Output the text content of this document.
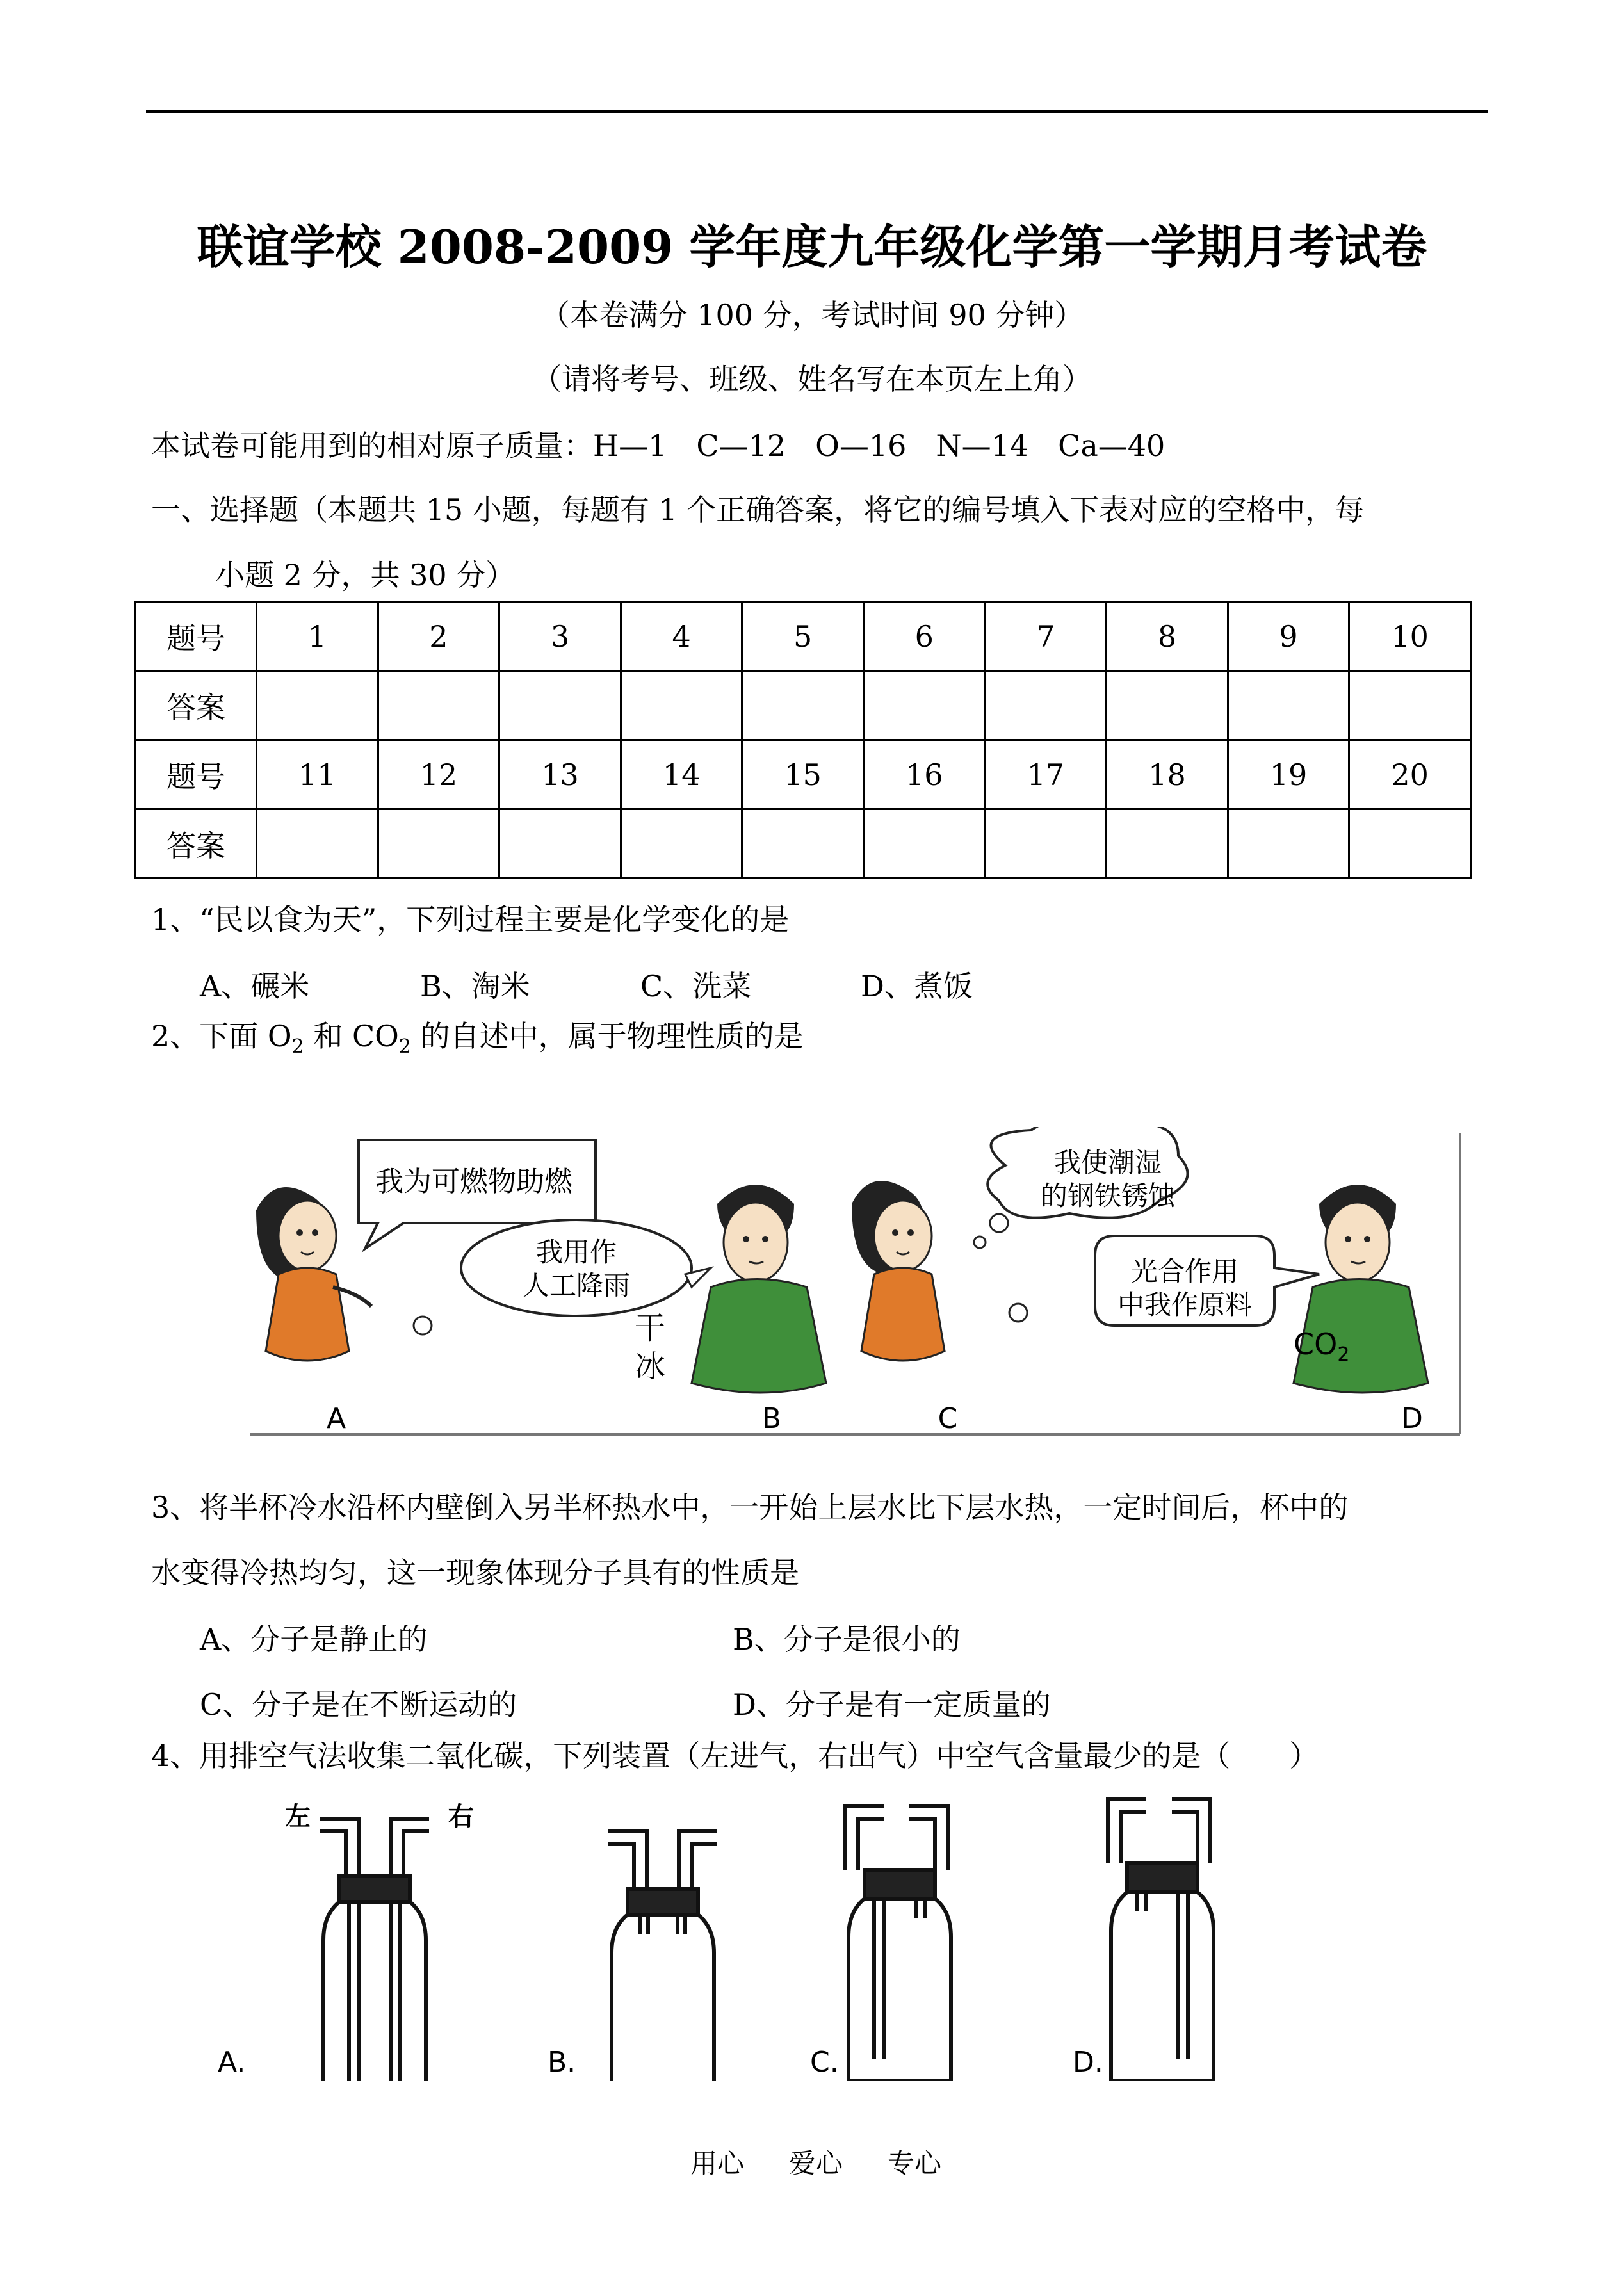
联谊学校 2008-2009 学年度九年级化学第一学期月考试卷
（本卷满分 100 分，考试时间 90 分钟）
（请将考号、班级、姓名写在本页左上角）
本试卷可能用到的相对原子质量：H—1　C—12　O—16　N—14　Ca—40
一、选择题（本题共 15 小题，每题有 1 个正确答案，将它的编号填入下表对应的空格中，每
小题 2 分，共 30 分）
题号	1	2	3	4	5	6	7	8	9	10
答案										
题号	11	12	13	14	15	16	17	18	19	20
答案										
1、“民以食为天”，下列过程主要是化学变化的是
A、碾米	B、淘米	C、洗菜	D、煮饭
2、下面 $O_2$ 和 $CO_2$ 的自述中，属于物理性质的是
我为可燃物助燃
我用作
人工降雨
干
冰
我使潮湿
的钢铁锈蚀
光合作用
中我作原料
$CO_2$
A	B	C	D
3、将半杯冷水沿杯内壁倒入另半杯热水中，一开始上层水比下层水热，一定时间后，杯中的
水变得冷热均匀，这一现象体现分子具有的性质是
A、分子是静止的	B、分子是很小的
C、分子是在不断运动的	D、分子是有一定质量的
4、用排空气法收集二氧化碳，下列装置（左进气，右出气）中空气含量最少的是（　　）
左	右
A.	B.	C.	D.
用心 爱心 专心
